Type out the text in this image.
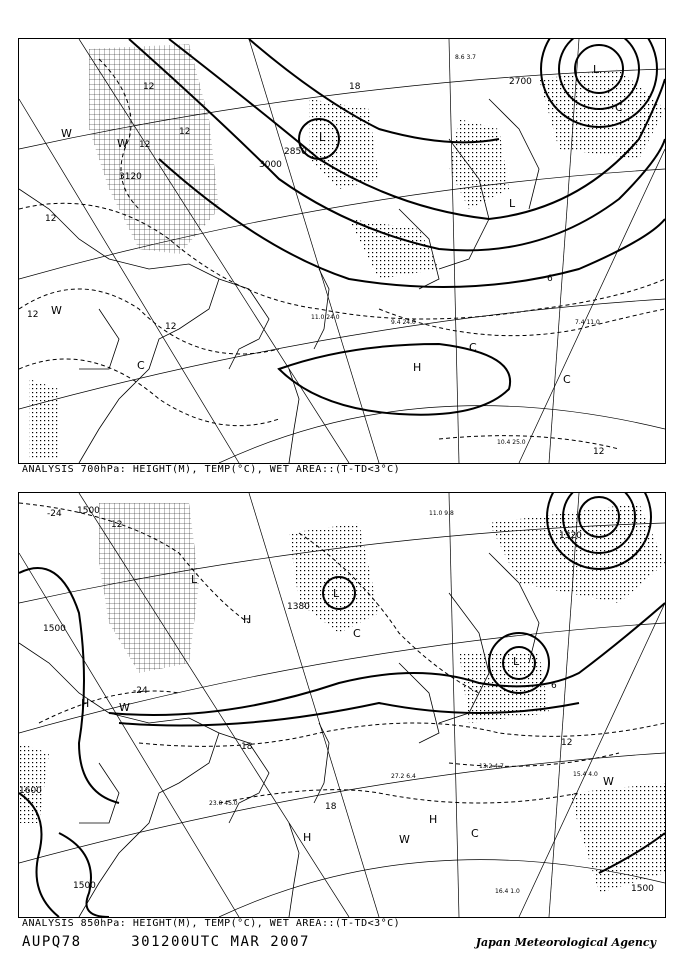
3120
3000
2850
2700
12
12
12
12
12
12
12
18
6
H
L
L
L
W
W
W
C
C
C
C
8.6 3.7
7.4 11.0
10.4 25.0
9.4 24.0
11.0 24.0
ANALYSIS 700hPa: HEIGHT(M), TEMP(°C), WET AREA::(T-TD<3°C)
1500
1500
1500	1500
1380
1320
1600
-24
-24
12
12
18
18
6
H
H
H
H
L
L
L
W
W
W	C
C
11.0 9.8
13.2 4.7
15.4 4.0
27.2 6.4
16.4 1.0
23.0 45.0
ANALYSIS 850hPa: HEIGHT(M), TEMP(°C), WET AREA::(T-TD<3°C)
AUPQ78	301200UTC MAR 2007	Japan Meteorological Agency
